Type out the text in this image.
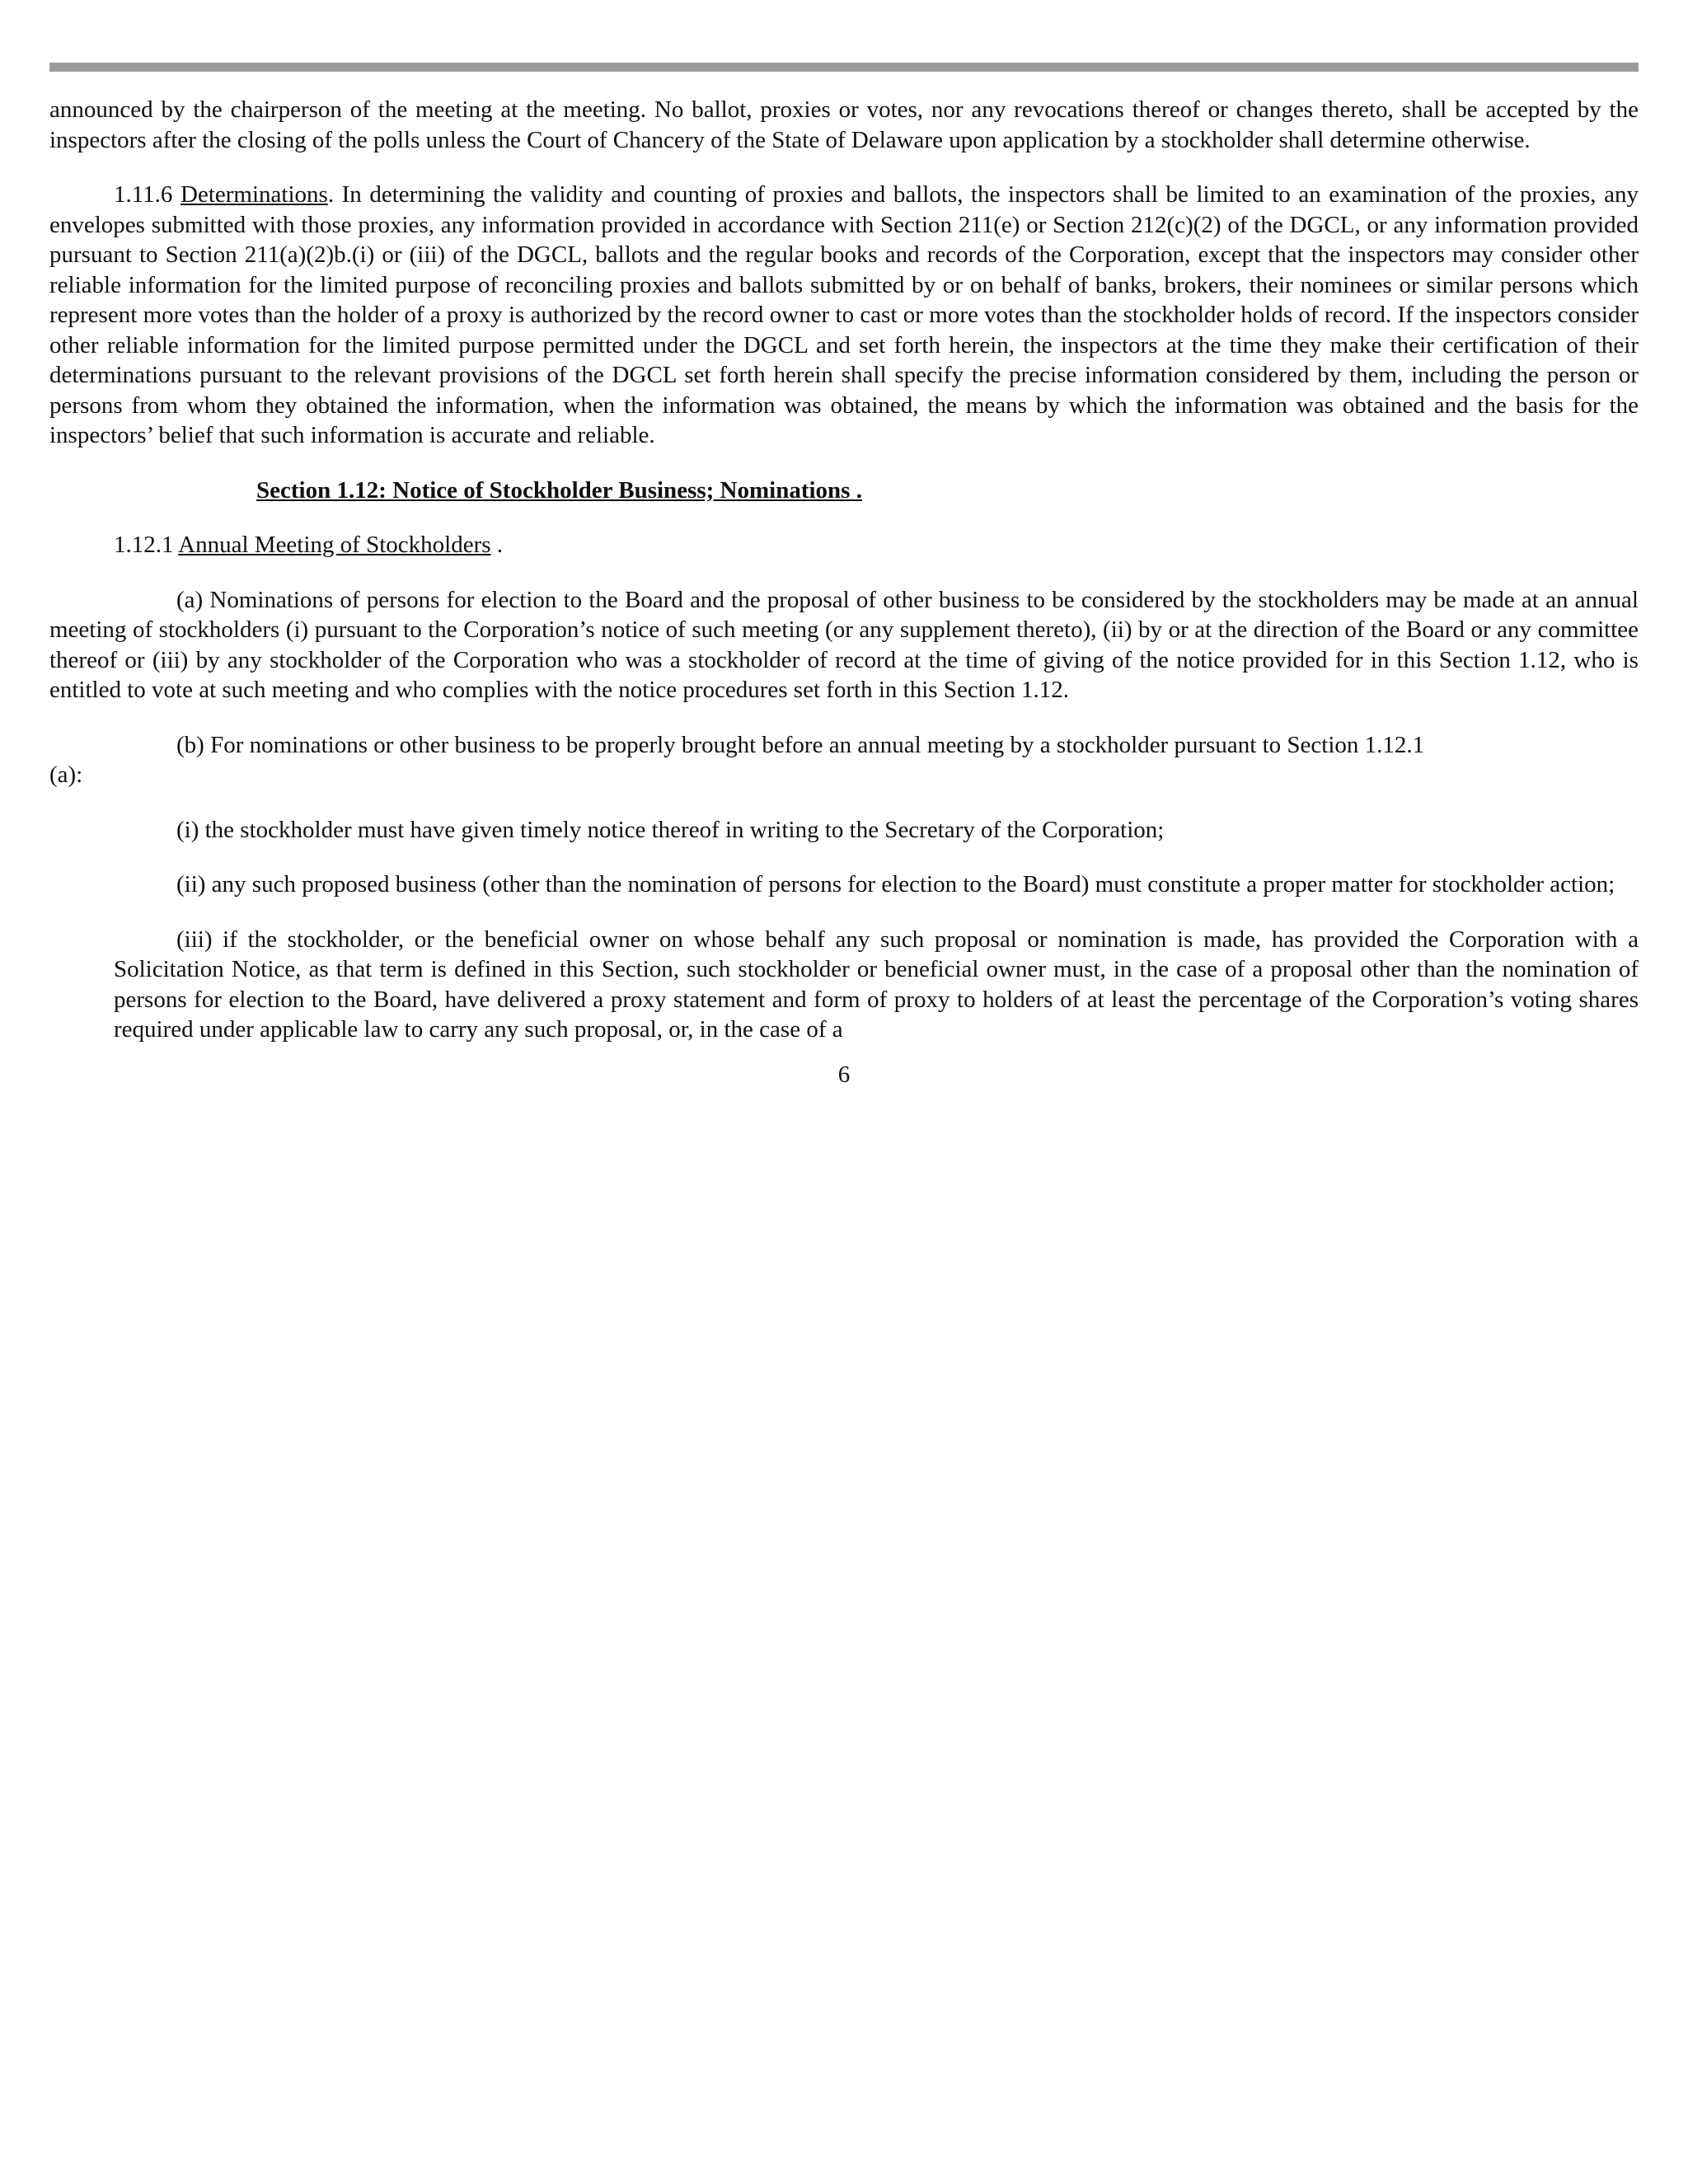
announced by the chairperson of the meeting at the meeting. No ballot, proxies or votes, nor any revocations thereof or changes thereto, shall be accepted by the inspectors after the closing of the polls unless the Court of Chancery of the State of Delaware upon application by a stockholder shall determine otherwise.

1.11.6 Determinations. In determining the validity and counting of proxies and ballots, the inspectors shall be limited to an examination of the proxies, any envelopes submitted with those proxies, any information provided in accordance with Section 211(e) or Section 212(c)(2) of the DGCL, or any information provided pursuant to Section 211(a)(2)b.(i) or (iii) of the DGCL, ballots and the regular books and records of the Corporation, except that the inspectors may consider other reliable information for the limited purpose of reconciling proxies and ballots submitted by or on behalf of banks, brokers, their nominees or similar persons which represent more votes than the holder of a proxy is authorized by the record owner to cast or more votes than the stockholder holds of record. If the inspectors consider other reliable information for the limited purpose permitted under the DGCL and set forth herein, the inspectors at the time they make their certification of their determinations pursuant to the relevant provisions of the DGCL set forth herein shall specify the precise information considered by them, including the person or persons from whom they obtained the information, when the information was obtained, the means by which the information was obtained and the basis for the inspectors’ belief that such information is accurate and reliable.

Section 1.12: Notice of Stockholder Business; Nominations .

1.12.1 Annual Meeting of Stockholders .

(a) Nominations of persons for election to the Board and the proposal of other business to be considered by the stockholders may be made at an annual meeting of stockholders (i) pursuant to the Corporation’s notice of such meeting (or any supplement thereto), (ii) by or at the direction of the Board or any committee thereof or (iii) by any stockholder of the Corporation who was a stockholder of record at the time of giving of the notice provided for in this Section 1.12, who is entitled to vote at such meeting and who complies with the notice procedures set forth in this Section 1.12.

(b) For nominations or other business to be properly brought before an annual meeting by a stockholder pursuant to Section 1.12.1

(a):

(i) the stockholder must have given timely notice thereof in writing to the Secretary of the Corporation;

(ii) any such proposed business (other than the nomination of persons for election to the Board) must constitute a proper matter for stockholder action;

(iii) if the stockholder, or the beneficial owner on whose behalf any such proposal or nomination is made, has provided the Corporation with a Solicitation Notice, as that term is defined in this Section, such stockholder or beneficial owner must, in the case of a proposal other than the nomination of persons for election to the Board, have delivered a proxy statement and form of proxy to holders of at least the percentage of the Corporation’s voting shares required under applicable law to carry any such proposal, or, in the case of a

6
